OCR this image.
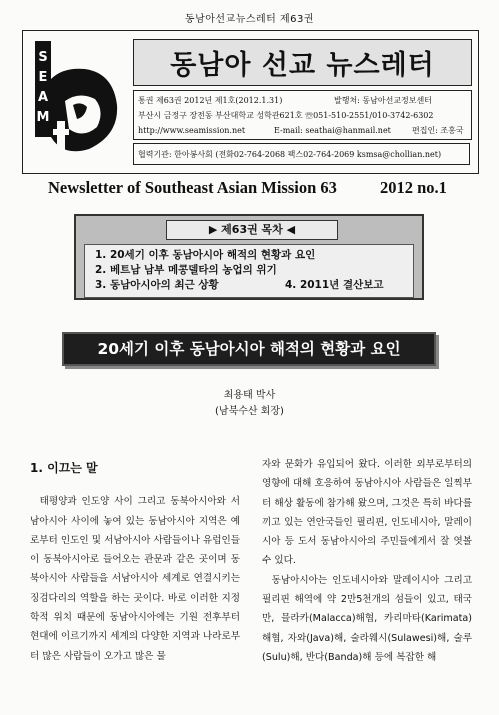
동남아선교뉴스레터 제63권
S
E
A
M
동남아 선교 뉴스레터
통권 제63권 2012년 제1호(2012.1.31)	발행처: 동남아선교정보센터
부산시 금정구 장전동 부산대학교 성학관621호 ☏051-510-2551/010-3742-6302
http://www.seamission.net	E-mail: seathai@hanmail.net	편집인: 조홍국
협력기관: 한아봉사회 (전화02-764-2068 팩스02-764-2069 ksmsa@chollian.net)
Newsletter of Southeast Asian Mission 63	2012 no.1
▶ 제63권 목차 ◀
1. 20세기 이후 동남아시아 해적의 현황과 요인
2. 베트남 남부 메콩델타의 농업의 위기
3. 동남아시아의 최근 상황	4. 2011년 결산보고
20세기 이후 동남아시아 해적의 현황과 요인
최용태 박사
(남북수산 회장)
1. 이끄는 말

태평양과 인도양 사이 그리고 동북아시아와 서남아시아 사이에 놓여 있는 동남아시아 지역은 예로부터 인도인 및 서남아시아 사람들이나 유럽인들이 동북아시아로 들어오는 관문과 같은 곳이며 동북아시아 사람들을 서남아시아 세계로 연결시키는 징검다리의 역할을 하는 곳이다. 바로 이러한 지정학적 위치 때문에 동남아시아에는 기원 전후부터 현대에 이르기까지 세계의 다양한 지역과 나라로부터 많은 사람들이 오가고 많은 물

자와 문화가 유입되어 왔다. 이러한 외부로부터의 영향에 대해 호응하여 동남아시아 사람들은 일찍부터 해상 활동에 참가해 왔으며, 그것은 특히 바다를 끼고 있는 연안국들인 필리핀, 인도네시아, 말레이시아 등 도서 동남아시아의 주민들에게서 잘 엿볼 수 있다.

동남아시아는 인도네시아와 말레이시아 그리고 필리핀 해역에 약 2만5천개의 섬들이 있고, 태국만, 믈라카(Malacca)해협, 카리마타(Karimata)해협, 자와(Java)해, 술라웨시(Sulawesi)해, 술루(Sulu)해, 반다(Banda)해 등에 복잡한 해
